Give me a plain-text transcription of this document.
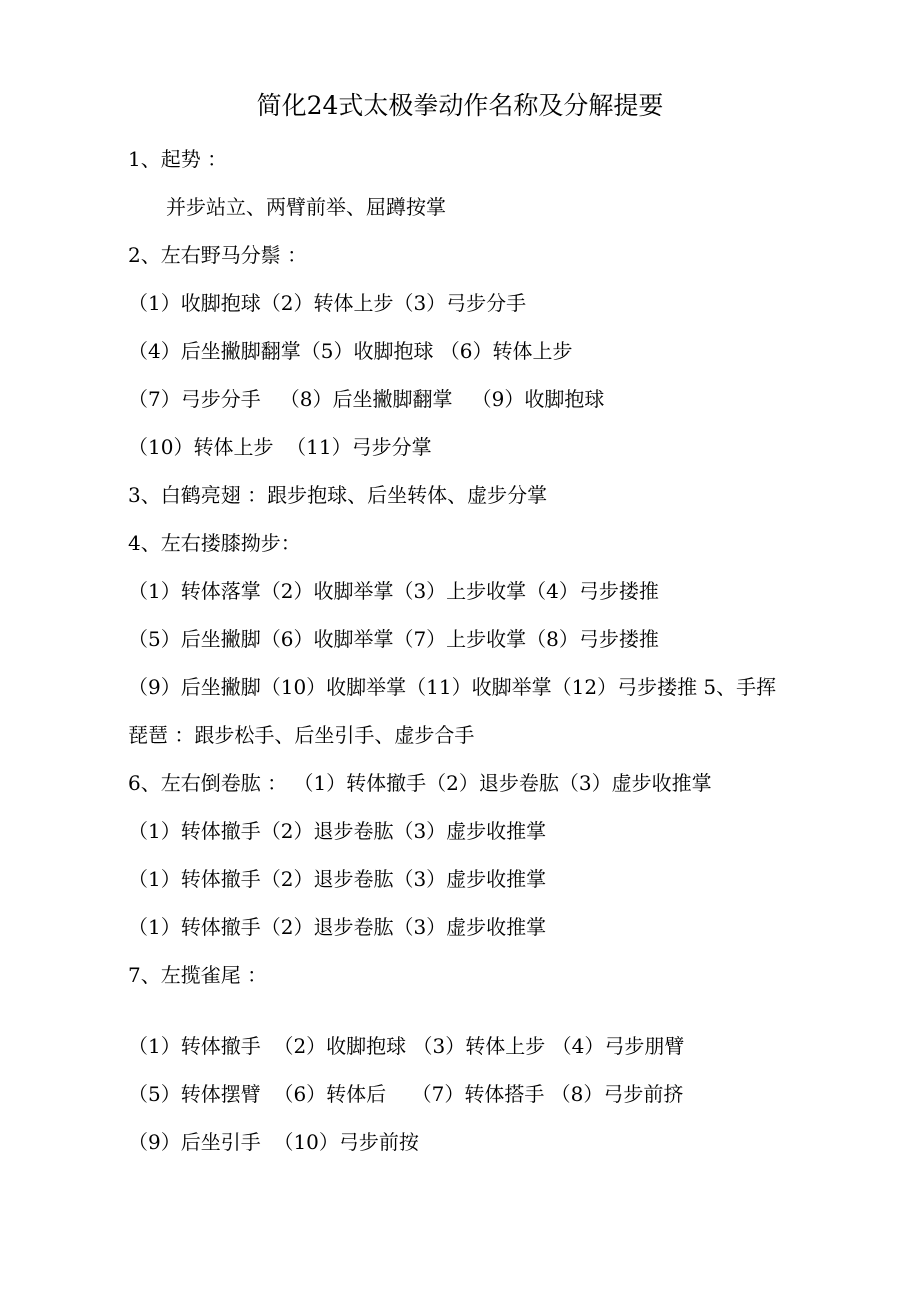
简化24式太极拳动作名称及分解提要
1、起势 ：
并步站立、两臂前举、屈蹲按掌
2、左右野马分鬃 ：
（1）收脚抱球（2）转体上步（3）弓步分手
（4）后坐撇脚翻掌（5）收脚抱球 （6）转体上步
（7）弓步分手   （8）后坐撇脚翻掌   （9）收脚抱球
（10）转体上步  （11）弓步分掌
3、白鹤亮翅 ：跟步抱球、后坐转体、虚步分掌
4、左右搂膝拗步：
（1）转体落掌（2）收脚举掌（3）上步收掌（4）弓步搂推
（5）后坐撇脚（6）收脚举掌（7）上步收掌（8）弓步搂推
（9）后坐撇脚（10）收脚举掌（11）收脚举掌（12）弓步搂推 5、手挥
琵琶 ：跟步松手、后坐引手、虚步合手
6、左右倒卷肱 ： （1）转体撤手（2）退步卷肱（3）虚步收推掌
（1）转体撤手（2）退步卷肱（3）虚步收推掌
（1）转体撤手（2）退步卷肱（3）虚步收推掌
（1）转体撤手（2）退步卷肱（3）虚步收推掌
7、左揽雀尾 ：
（1）转体撤手  （2）收脚抱球 （3）转体上步 （4）弓步朋臂
（5）转体摆臂  （6）转体后    （7）转体搭手 （8）弓步前挤
（9）后坐引手  （10）弓步前按
